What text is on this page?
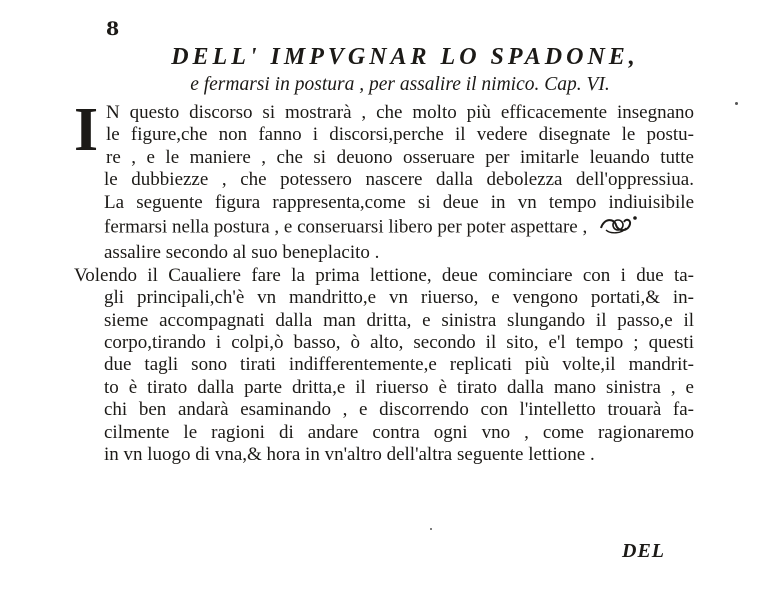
8
DELL' IMPVGNAR LO SPADONE,
e fermarsi in postura , per assalire il nimico. Cap. VI.
I N questo discorso si mostrarà , che molto più efficacemente insegnano
le figure,che non fanno i discorsi,perche il vedere disegnate le postu-
re , e le maniere , che si deuono osseruare per imitarle leuando tutte
le dubbiezze , che potessero nascere dalla debolezza dell'oppressiua.
La seguente figura rappresenta,come si deue in vn tempo indiuisibile
fermarsi nella postura , e conseruarsi libero per poter aspettare ,
assalire secondo al suo beneplacito .
Volendo il Caualiere fare la prima lettione, deue cominciare con i due ta-
gli principali,ch'è vn mandritto,e vn riuerso, e vengono portati,& in-
sieme accompagnati dalla man dritta, e sinistra slungando il passo,e il
corpo,tirando i colpi,ò basso, ò alto, secondo il sito, e'l tempo ; questi
due tagli sono tirati indifferentemente,e replicati più volte,il mandrit-
to è tirato dalla parte dritta,e il riuerso è tirato dalla mano sinistra , e
chi ben andarà esaminando , e discorrendo con l'intelletto trouarà fa-
cilmente le ragioni di andare contra ogni vno , come ragionaremo
in vn luogo di vna,& hora in vn'altro dell'altra seguente lettione .
DEL
